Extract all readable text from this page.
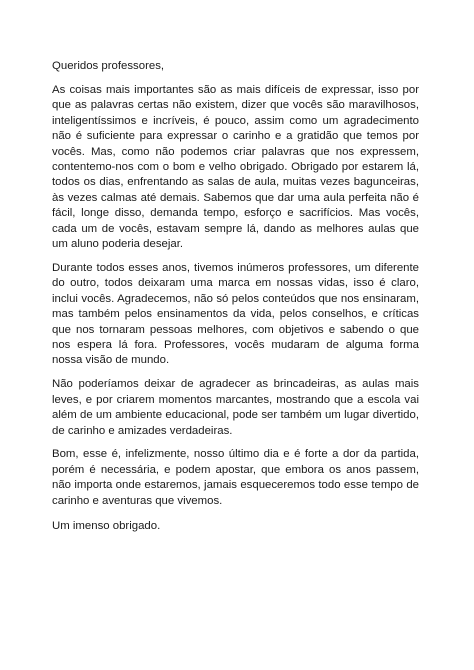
Queridos professores,

As coisas mais importantes são as mais difíceis de expressar, isso por que as palavras certas não existem, dizer que vocês são maravilhosos, inteligentíssimos e incríveis, é pouco, assim como um agradecimento não é suficiente para expressar o carinho e a gratidão que temos por vocês. Mas, como não podemos criar palavras que nos expressem, contentemo-nos com o bom e velho obrigado. Obrigado por estarem lá, todos os dias, enfrentando as salas de aula, muitas vezes bagunceiras, às vezes calmas até demais. Sabemos que dar uma aula perfeita não é fácil, longe disso, demanda tempo, esforço e sacrifícios. Mas vocês, cada um de vocês, estavam sempre lá, dando as melhores aulas que um aluno poderia desejar.

Durante todos esses anos, tivemos inúmeros professores, um diferente do outro, todos deixaram uma marca em nossas vidas, isso é claro, inclui vocês. Agradecemos, não só pelos conteúdos que nos ensinaram, mas também pelos ensinamentos da vida, pelos conselhos, e críticas que nos tornaram pessoas melhores, com objetivos e sabendo o que nos espera lá fora. Professores, vocês mudaram de alguma forma nossa visão de mundo.

Não poderíamos deixar de agradecer as brincadeiras, as aulas mais leves, e por criarem momentos marcantes, mostrando que a escola vai além de um ambiente educacional, pode ser também um lugar divertido, de carinho e amizades verdadeiras.

Bom, esse é, infelizmente, nosso último dia e é forte a dor da partida, porém é necessária, e podem apostar, que embora os anos passem, não importa onde estaremos, jamais esqueceremos todo esse tempo de carinho e aventuras que vivemos.

Um imenso obrigado.
